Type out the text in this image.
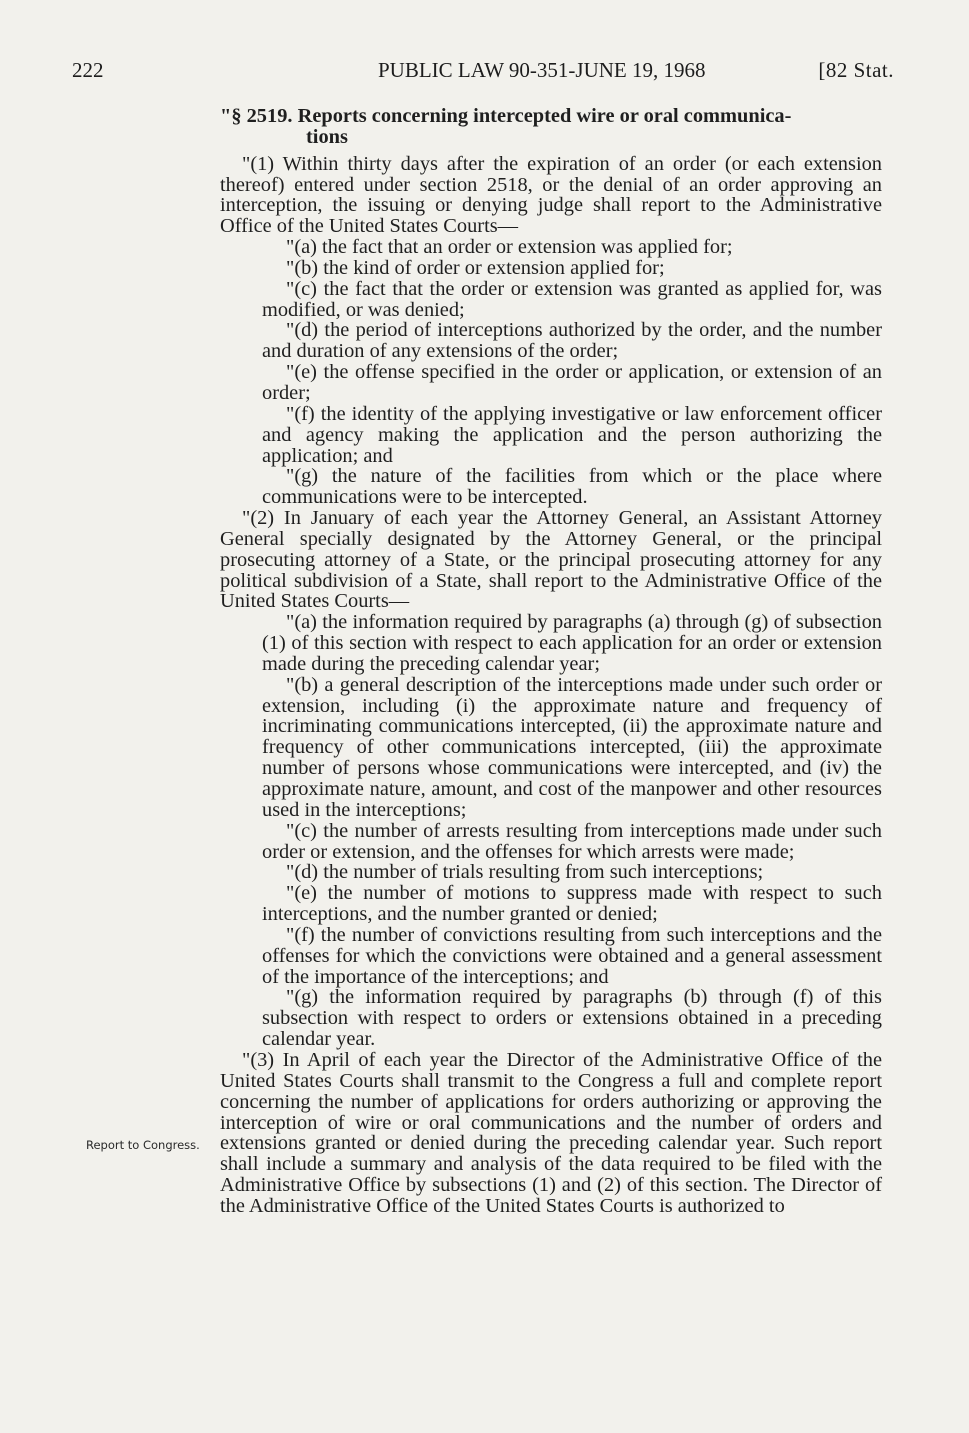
222	PUBLIC LAW 90-351-JUNE 19, 1968	[82 Stat.

"§ 2519. Reports concerning intercepted wire or oral communica-
tions

"(1) Within thirty days after the expiration of an order (or each extension thereof) entered under section 2518, or the denial of an order approving an interception, the issuing or denying judge shall report to the Administrative Office of the United States Courts—

"(a) the fact that an order or extension was applied for;

"(b) the kind of order or extension applied for;

"(c) the fact that the order or extension was granted as applied for, was modified, or was denied;

"(d) the period of interceptions authorized by the order, and the number and duration of any extensions of the order;

"(e) the offense specified in the order or application, or extension of an order;

"(f) the identity of the applying investigative or law enforcement officer and agency making the application and the person authorizing the application; and

"(g) the nature of the facilities from which or the place where communications were to be intercepted.

"(2) In January of each year the Attorney General, an Assistant Attorney General specially designated by the Attorney General, or the principal prosecuting attorney of a State, or the principal prosecuting attorney for any political subdivision of a State, shall report to the Administrative Office of the United States Courts—

"(a) the information required by paragraphs (a) through (g) of subsection (1) of this section with respect to each application for an order or extension made during the preceding calendar year;

"(b) a general description of the interceptions made under such order or extension, including (i) the approximate nature and frequency of incriminating communications intercepted, (ii) the approximate nature and frequency of other communications intercepted, (iii) the approximate number of persons whose communications were intercepted, and (iv) the approximate nature, amount, and cost of the manpower and other resources used in the interceptions;

"(c) the number of arrests resulting from interceptions made under such order or extension, and the offenses for which arrests were made;

"(d) the number of trials resulting from such interceptions;

"(e) the number of motions to suppress made with respect to such interceptions, and the number granted or denied;

"(f) the number of convictions resulting from such interceptions and the offenses for which the convictions were obtained and a general assessment of the importance of the interceptions; and

"(g) the information required by paragraphs (b) through (f) of this subsection with respect to orders or extensions obtained in a preceding calendar year.

"(3) In April of each year the Director of the Administrative Office of the United States Courts shall transmit to the Congress a full and complete report concerning the number of applications for orders authorizing or approving the interception of wire or oral communications and the number of orders and extensions granted or denied during the preceding calendar year. Such report shall include a summary and analysis of the data required to be filed with the Administrative Office by subsections (1) and (2) of this section. The Director of the Administrative Office of the United States Courts is authorized to

Report to Congress.
